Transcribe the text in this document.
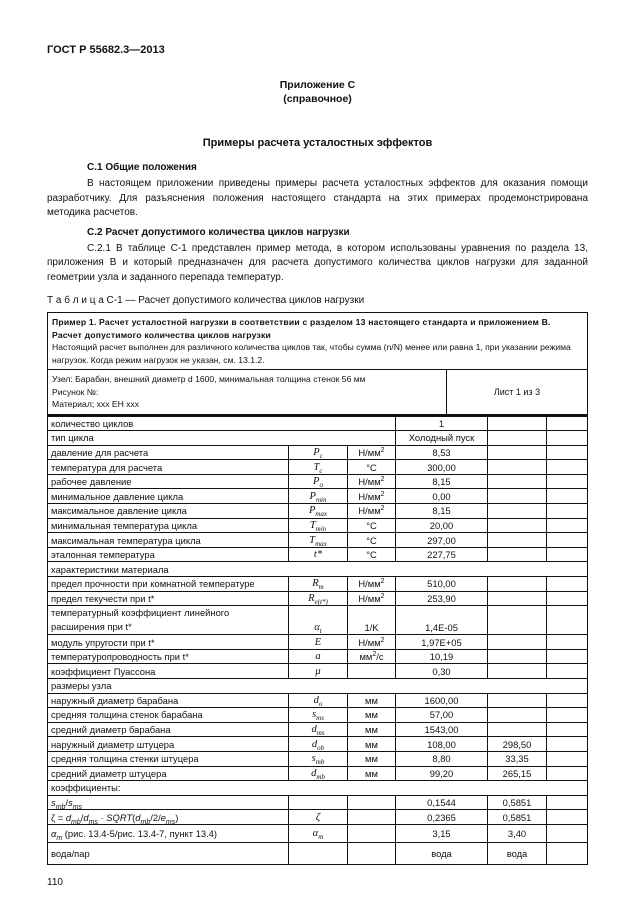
ГОСТ Р 55682.3—2013
Приложение С
(справочное)
Примеры расчета усталостных эффектов
С.1 Общие положения
В настоящем приложении приведены примеры расчета усталостных эффектов для оказания помощи разработчику. Для разъяснения положения настоящего стандарта на этих примерах продемонстрирована методика расчетов.
С.2 Расчет допустимого количества циклов нагрузки
С.2.1 В таблице С-1 представлен пример метода, в котором использованы уравнения по раздела 13, приложения В и который предназначен для расчета допустимого количества циклов нагрузки для заданной геометрии узла и заданного перепада температур.
Т а б л и ц а С-1 — Расчет допустимого количества циклов нагрузки
Пример 1. Расчет усталостной нагрузки в соответствии с разделом 13 настоящего стандарта и приложением В. Расчет допустимого количества циклов нагрузки
Настоящий расчет выполнен для различного количества циклов так, чтобы сумма (n/N) менее или равна 1, при указании режима нагрузок. Когда режим нагрузок не указан, см. 13.1.2.
Узел: Барабан, внешний диаметр d 1600, минимальная толщина стенок 56 мм
Рисунок №:
Материал; xxx EH xxx
Лист 1 из 3
количество циклов			1		
тип цикла			Холодный пуск		
давление для расчета	$P_c$	$Н/мм^2$	8,53		
температура для расчета	$T_c$	°C	300,00		
рабочее давление	$P_o$	$Н/мм^2$	8,15		
минимальное давление цикла	$P_{min}$	$Н/мм^2$	0,00		
максимальное давление цикла	$P_{max}$	$Н/мм^2$	8,15		
минимальная температура цикла	$T_{min}$	°C	20,00		
максимальная температура цикла	$T_{max}$	°C	297,00		
эталонная температура	t*	°C	227,75		
характеристики материала					
предел прочности при комнатной температуре	$R_m$	$Н/мм^2$	510,00		
предел текучести при t*	$R_{e(t*)}$	$Н/мм^2$	253,90		
температурный коэффициент линейного расширения при t*	$\alpha_t$	1/K	1,4E-05		
модуль упругости при t*	E	$Н/мм^2$	1,97E+05		
температуропроводность при t*	a	$мм^2/с$	10,19		
коэффициент Пуассона	μ		0,30		
размеры узла					
наружный диаметр барабана	$d_o$	мм	1600,00		
средняя толщина стенок барабана	$s_{ms}$	мм	57,00		
средний диаметр барабана	$d_{ms}$	мм	1543,00		
наружный диаметр штуцера	$d_{ob}$	мм	108,00	298,50	
средняя толщина стенки штуцера	$s_{mb}$	мм	8,80	33,35	
средний диаметр штуцера	$d_{mb}$	мм	99,20	265,15	
коэффициенты:					
$s_{mb}/s_{ms}$			0,1544	0,5851	
$\zeta = d_{mb}/d_{ms}$ · $SQRT(d_{mb}/2/e_{ms})$	ζ		0,2365	0,5851	
$\alpha_m$ (рис. 13.4-5/рис. 13.4-7, пункт 13.4)	$\alpha_m$		3,15	3,40	
вода/пар			вода	вода	
110
